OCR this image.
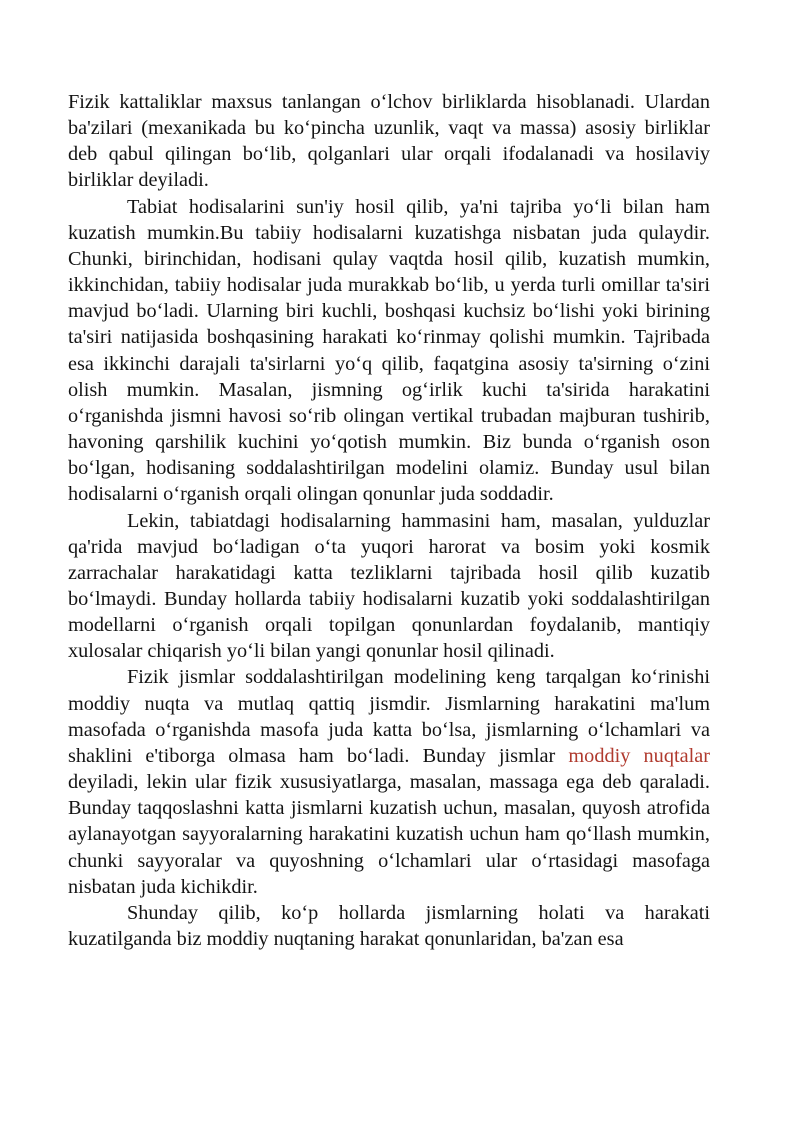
Fizik kattaliklar maxsus tanlangan o‘lchov birliklarda hisoblanadi. Ulardan ba'zilari (mexanikada bu ko‘pincha uzunlik, vaqt va massa) asosiy birliklar deb qabul qilingan bo‘lib, qolganlari ular orqali ifodalanadi va hosilaviy birliklar deyiladi.

Tabiat hodisalarini sun'iy hosil qilib, ya'ni tajriba yo‘li bilan ham kuzatish mumkin.Bu tabiiy hodisalarni kuzatishga nisbatan juda qulaydir. Chunki, birinchidan, hodisani qulay vaqtda hosil qilib, kuzatish mumkin, ikkinchidan, tabiiy hodisalar juda murakkab bo‘lib, u yerda turli omillar ta'siri mavjud bo‘ladi. Ularning biri kuchli, boshqasi kuchsiz bo‘lishi yoki birining ta'siri natijasida boshqasining harakati ko‘rinmay qolishi mumkin. Tajribada esa ikkinchi darajali ta'sirlarni yo‘q qilib, faqatgina asosiy ta'sirning o‘zini olish mumkin. Masalan, jismning og‘irlik kuchi ta'sirida harakatini o‘rganishda jismni havosi so‘rib olingan vertikal trubadan majburan tushirib, havoning qarshilik kuchini yo‘qotish mumkin. Biz bunda o‘rganish oson bo‘lgan, hodisaning soddalashtirilgan modelini olamiz. Bunday usul bilan hodisalarni o‘rganish orqali olingan qonunlar juda soddadir.

Lekin, tabiatdagi hodisalarning hammasini ham, masalan, yulduzlar qa'rida mavjud bo‘ladigan o‘ta yuqori harorat va bosim yoki kosmik zarrachalar harakatidagi katta tezliklarni tajribada hosil qilib kuzatib bo‘lmaydi. Bunday hollarda tabiiy hodisalarni kuzatib yoki soddalashtirilgan modellarni o‘rganish orqali topilgan qonunlardan foydalanib, mantiqiy xulosalar chiqarish yo‘li bilan yangi qonunlar hosil qilinadi.

Fizik jismlar soddalashtirilgan modelining keng tarqalgan ko‘rinishi moddiy nuqta va mutlaq qattiq jismdir. Jismlarning harakatini ma'lum masofada o‘rganishda masofa juda katta bo‘lsa, jismlarning o‘lchamlari va shaklini e'tiborga olmasa ham bo‘ladi. Bunday jismlar moddiy nuqtalar deyiladi, lekin ular fizik xususiyatlarga, masalan, massaga ega deb qaraladi. Bunday taqqoslashni katta jismlarni kuzatish uchun, masalan, quyosh atrofida aylanayotgan sayyoralarning harakatini kuzatish uchun ham qo‘llash mumkin, chunki sayyoralar va quyoshning o‘lchamlari ular o‘rtasidagi masofaga nisbatan juda kichikdir.

Shunday qilib, ko‘p hollarda jismlarning holati va harakati kuzatilganda biz moddiy nuqtaning harakat qonunlaridan, ba'zan esa
